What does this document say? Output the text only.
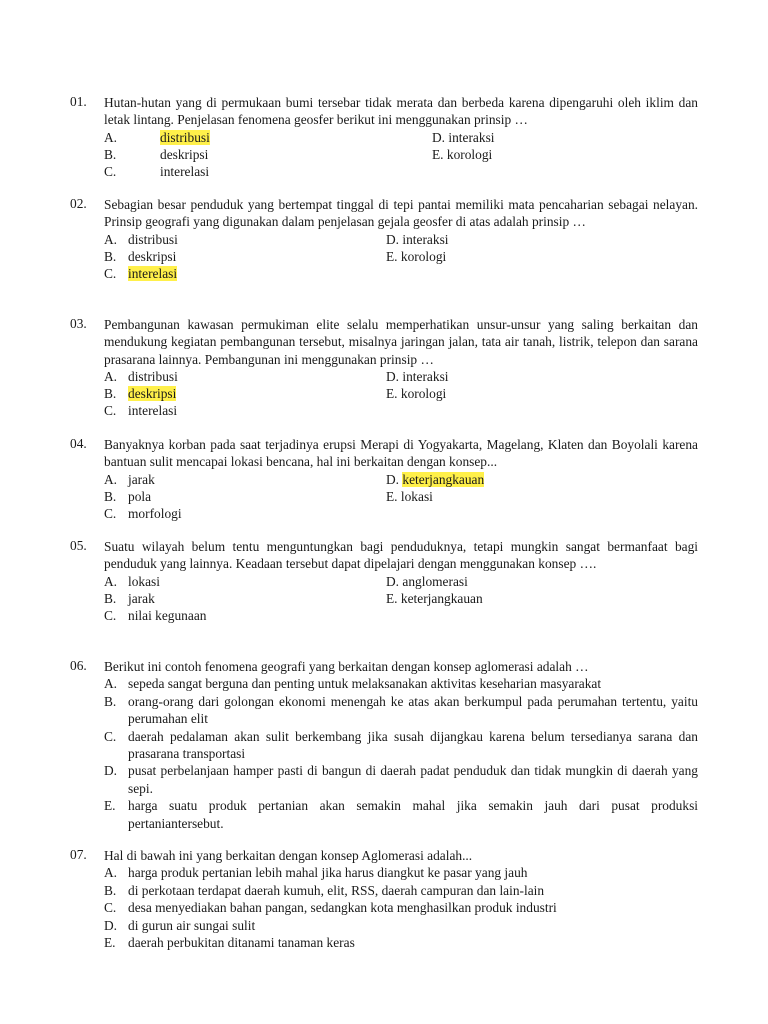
01.	Hutan-hutan yang di permukaan bumi tersebar tidak merata dan berbeda karena dipengaruhi oleh iklim dan letak lintang. Penjelasan fenomena geosfer berikut ini menggunakan prinsip …
A.	distribusi	D. interaksi
B.	deskripsi	E. korologi
C.	interelasi
02.	Sebagian besar penduduk yang bertempat tinggal di tepi pantai memiliki mata pencaharian sebagai nelayan. Prinsip geografi yang digunakan dalam penjelasan gejala geosfer di atas adalah prinsip …
A. distribusi	D. interaksi
B. deskripsi	E. korologi
C. interelasi
03.	Pembangunan kawasan permukiman elite selalu memperhatikan unsur-unsur yang saling berkaitan dan mendukung kegiatan pembangunan tersebut, misalnya jaringan jalan, tata air tanah, listrik, telepon dan sarana prasarana lainnya. Pembangunan ini menggunakan prinsip …
A. distribusi	D. interaksi
B. deskripsi	E. korologi
C. interelasi
04.	Banyaknya korban pada saat terjadinya erupsi Merapi di Yogyakarta, Magelang, Klaten dan Boyolali karena bantuan sulit mencapai lokasi bencana, hal ini berkaitan dengan konsep...
A. jarak	D. keterjangkauan
B. pola	E. lokasi
C. morfologi
05.	Suatu wilayah belum tentu menguntungkan bagi penduduknya, tetapi mungkin sangat bermanfaat bagi penduduk yang lainnya. Keadaan tersebut dapat dipelajari dengan menggunakan konsep ….
A. lokasi	D. anglomerasi
B. jarak	E. keterjangkauan
C. nilai kegunaan
06.	Berikut ini contoh fenomena geografi yang berkaitan dengan konsep aglomerasi adalah …
A. sepeda sangat berguna dan penting untuk melaksanakan aktivitas keseharian masyarakat
B. orang-orang dari golongan ekonomi menengah ke atas akan berkumpul pada perumahan tertentu, yaitu perumahan elit
C. daerah pedalaman akan sulit berkembang jika susah dijangkau karena belum tersedianya sarana dan prasarana transportasi
D. pusat perbelanjaan hamper pasti di bangun di daerah padat penduduk dan tidak mungkin di daerah yang sepi.
E. harga suatu produk pertanian akan semakin mahal jika semakin jauh dari pusat produksi pertaniantersebut.
07.	Hal di bawah ini yang berkaitan dengan konsep Aglomerasi adalah...
A. harga produk pertanian lebih mahal jika harus diangkut ke pasar yang jauh
B. di perkotaan terdapat daerah kumuh, elit, RSS, daerah campuran dan lain-lain
C. desa menyediakan bahan pangan, sedangkan kota menghasilkan produk industri
D. di gurun air sungai sulit
E. daerah perbukitan ditanami tanaman keras
